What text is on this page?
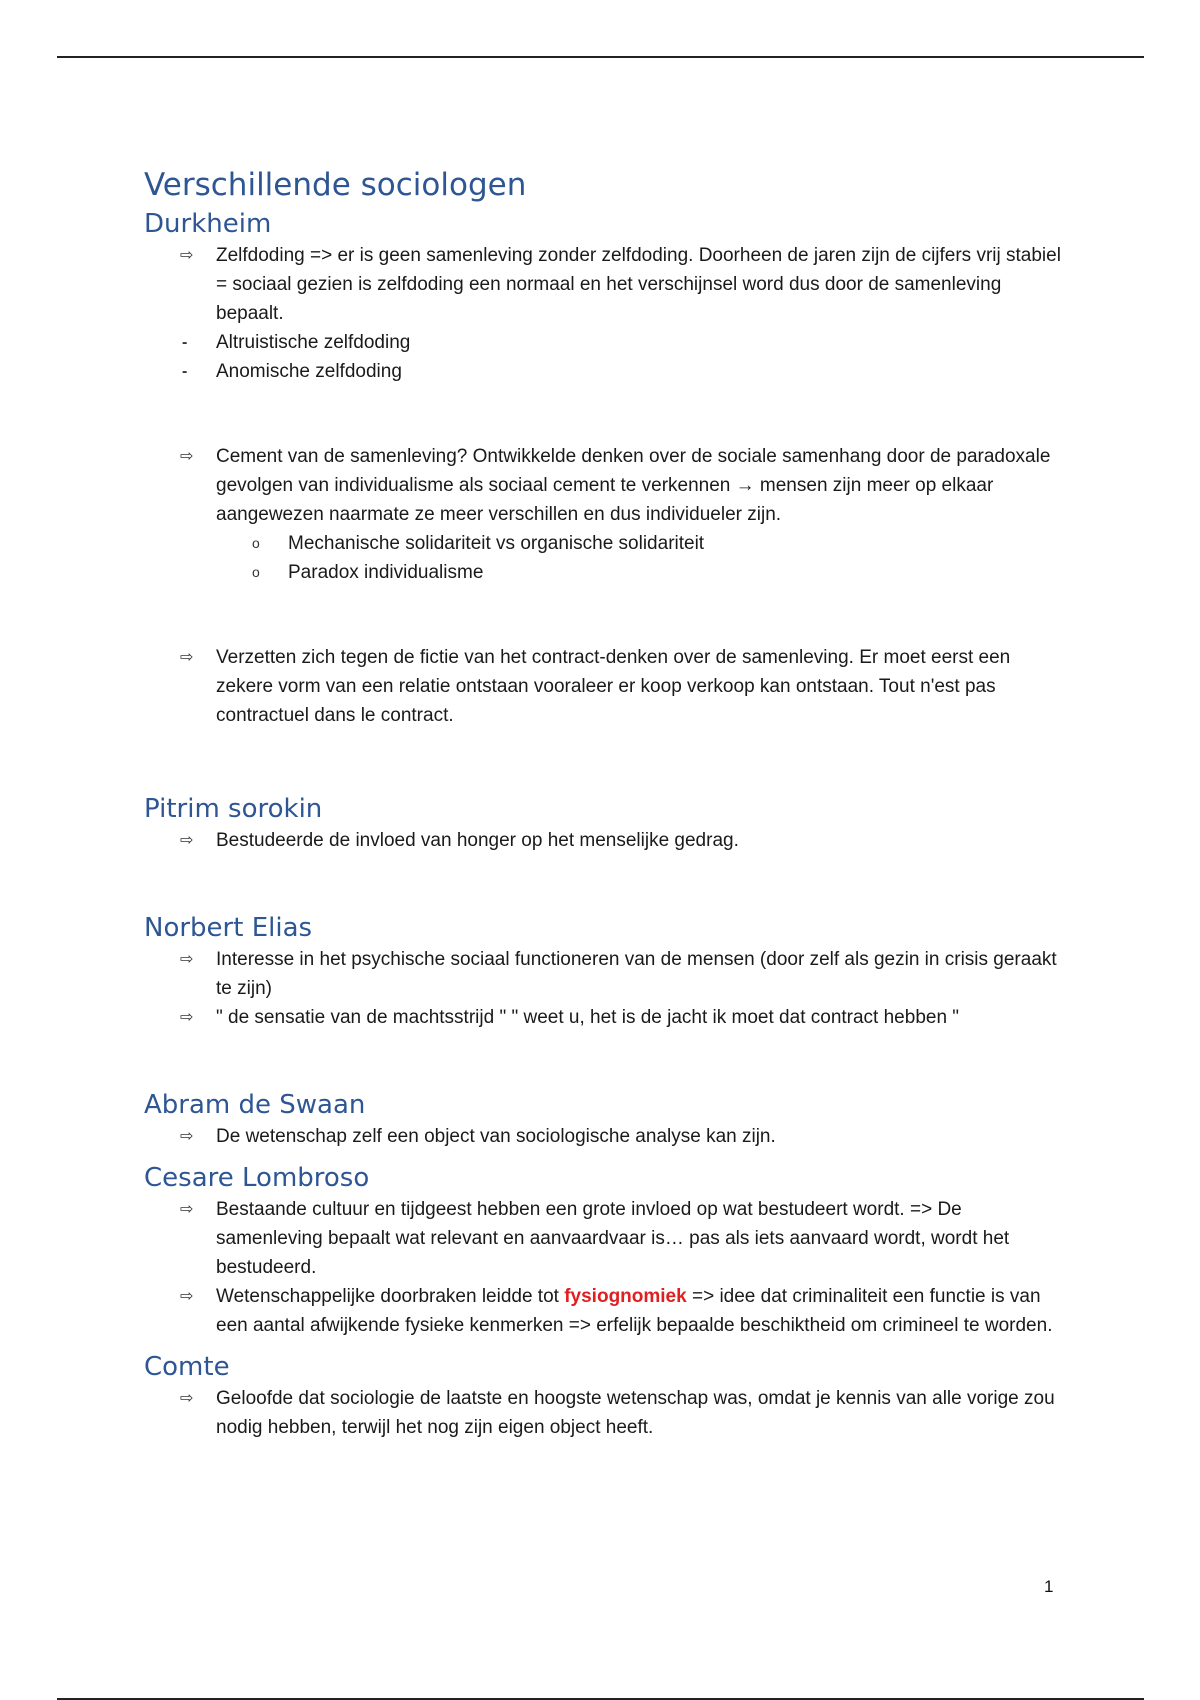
Verschillende sociologen
Durkheim
⇨	Zelfdoding => er is geen samenleving zonder zelfdoding. Doorheen de jaren zijn de cijfers vrij stabiel = sociaal gezien is zelfdoding een normaal en het verschijnsel word dus door de samenleving bepaalt.
-	Altruistische zelfdoding
-	Anomische zelfdoding
⇨	Cement van de samenleving? Ontwikkelde denken over de sociale samenhang door de paradoxale gevolgen van individualisme als sociaal cement te verkennen → mensen zijn meer op elkaar aangewezen naarmate ze meer verschillen en dus individueler zijn.
o	Mechanische solidariteit vs organische solidariteit
o	Paradox individualisme
⇨	Verzetten zich tegen de fictie van het contract-denken over de samenleving. Er moet eerst een zekere vorm van een relatie ontstaan vooraleer er koop verkoop kan ontstaan. Tout n'est pas contractuel dans le contract.
Pitrim sorokin
⇨	Bestudeerde de invloed van honger op het menselijke gedrag.
Norbert Elias
⇨	Interesse in het psychische sociaal functioneren van de mensen (door zelf als gezin in crisis geraakt te zijn)
⇨	" de sensatie van de machtsstrijd " " weet u, het is de jacht ik moet dat contract hebben "
Abram de Swaan
⇨	De wetenschap zelf een object van sociologische analyse kan zijn.
Cesare Lombroso
⇨	Bestaande cultuur en tijdgeest hebben een grote invloed op wat bestudeert wordt. => De samenleving bepaalt wat relevant en aanvaardvaar is… pas als iets aanvaard wordt, wordt het bestudeerd.
⇨	Wetenschappelijke doorbraken leidde tot fysiognomiek => idee dat criminaliteit een functie is van een aantal afwijkende fysieke kenmerken => erfelijk bepaalde beschiktheid om crimineel te worden.
Comte
⇨	Geloofde dat sociologie de laatste en hoogste wetenschap was, omdat je kennis van alle vorige zou nodig hebben, terwijl het nog zijn eigen object heeft.
1
